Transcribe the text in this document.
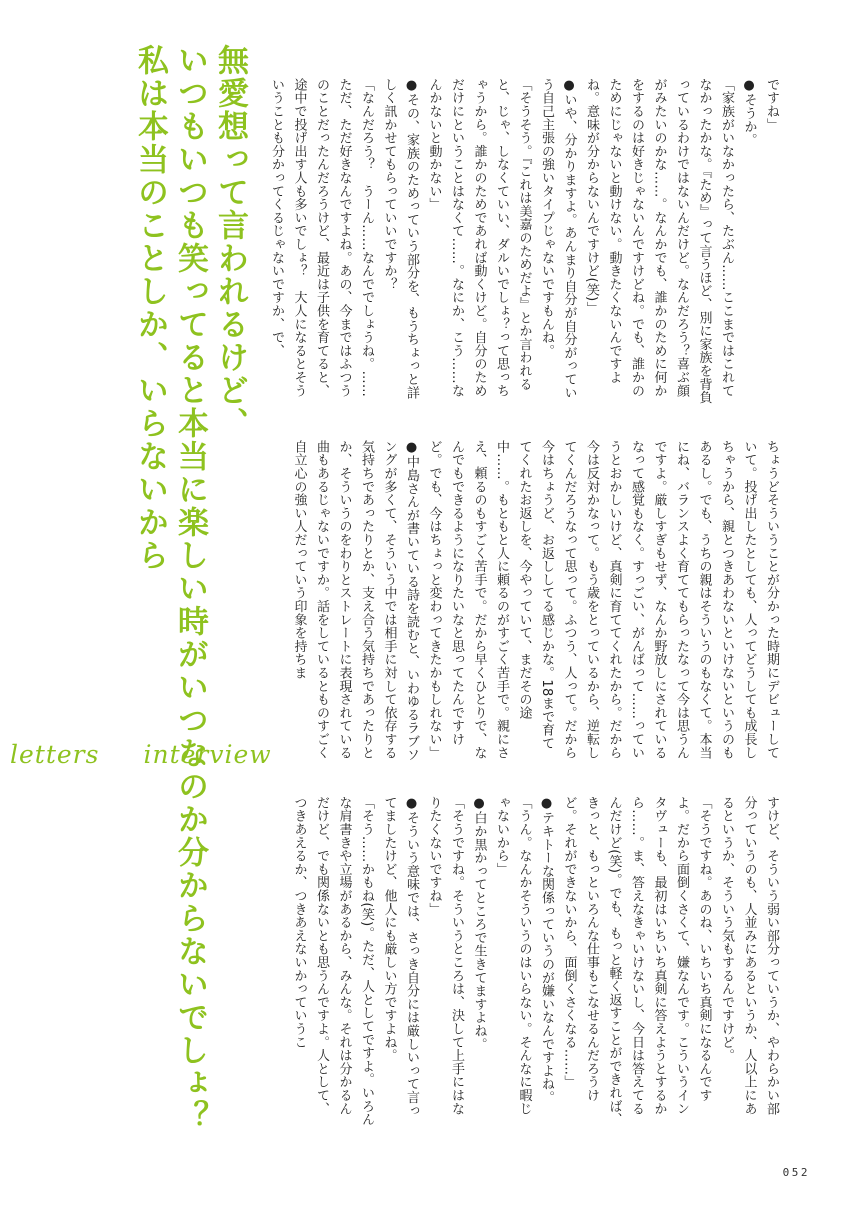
無愛想って言われるけど、

いつもいつも笑ってると本当に楽しい時がいつなのか分からないでしょ？

私は本当のことしか、いらないから	ですね」

●そうか。

「家族がいなかったら、たぶん……ここまではこれてなかったかな。『ため』って言うほど、別に家族を背負っているわけではないんだけど。なんだろう？喜ぶ顔がみたいのかな……。なんかでも、誰かのために何かをするのは好きじゃないんですけどね。でも、誰かのためにじゃないと動けない。動きたくないんですよね。意味が分からないんですけど(笑)」

●いや、分かりますよ。あんまり自分が自分がっていう自己主張の強いタイプじゃないですもんね。

「そうそう。『これは美嘉のためだよ』とか言われると、じゃ、しなくていい、ダルいでしょ？って思っちゃうから。誰かのためであれば動くけど。自分のためだけにということはなくて……。なにか、こう……なんかないと動かない」

●その、家族のためっていう部分を、もうちょっと詳しく訊かせてもらっていいですか？

「なんだろう？　うーん……なんででしょうね。……ただ、ただ好きなんですよね。あの、今まではふつうのことだったんだろうけど、最近は子供を育てると、途中で投げ出す人も多いでしょ？　大人になるとそういうことも分かってくるじゃないですか、で、

ちょうどそういうことが分かった時期にデビューしていて。投げ出したとしても、人ってどうしても成長しちゃうから、親とつきあわないといけないというのもあるし。でも、うちの親はそういうのもなくて。本当にね、バランスよく育ててもらったなって今は思うんですよ。厳しすぎもせず、なんか野放しにされているなって感覚もなく。すっごい、がんばって……っていうとおかしいけど、真剣に育ててくれたから。だから今は反対かなって。もう歳をとっているから、逆転してくんだろうなって思って。ふつう、人って。だから今はちょうど、お返ししてる感じかな。18まで育ててくれたお返しを、今やっていて、まだその途中……。もともと人に頼るのがすごく苦手で。親にさえ、頼るのもすごく苦手で。だから早くひとりで、なんでもできるようになりたいなと思ってたんですけど。でも、今はちょっと変わってきたかもしれない」

●中島さんが書いている詩を読むと、いわゆるラブソングが多くて、そういう中では相手に対して依存する気持ちであったりとか、支え合う気持ちであったりとか、そういうのをわりとストレートに表現されている曲もあるじゃないですか。話をしているとものすごく自立心の強い人だっていう印象を持ちま

すけど、そういう弱い部分っていうか、やわらかい部分っていうのも、人並みにあるというか、人以上にあるというか、そういう気もするんですけど。

「そうですね。あのね、いちいち真剣になるんですよ。だから面倒くさくて、嫌なんです。こういうインタヴューも、最初はいちいち真剣に答えようとするから……。ま、答えなきゃいけないし、今日は答えてるんだけど(笑)。でも、もっと軽く返すことができれば、きっと、もっといろんな仕事もこなせるんだろうけど。それができないから、面倒くさくなる……」

●テキトーな関係っていうのが嫌いなんですよね。

「うん。なんかそういうのはいらない。そんなに暇じゃないから」

●白か黒かってところで生きてますよね。

「そうですね。そういうところは、決して上手にはなりたくないですね」

●そういう意味では、さっき自分には厳しいって言ってましたけど、他人にも厳しい方ですよね。

「そう……かもね(笑)。ただ、人としてですよ。いろんな肩書きや立場があるから、みんな。それは分かるんだけど、でも関係ないとも思うんですよ。人として、つきあえるか、つきあえないかっていうこ

letters interview
052
